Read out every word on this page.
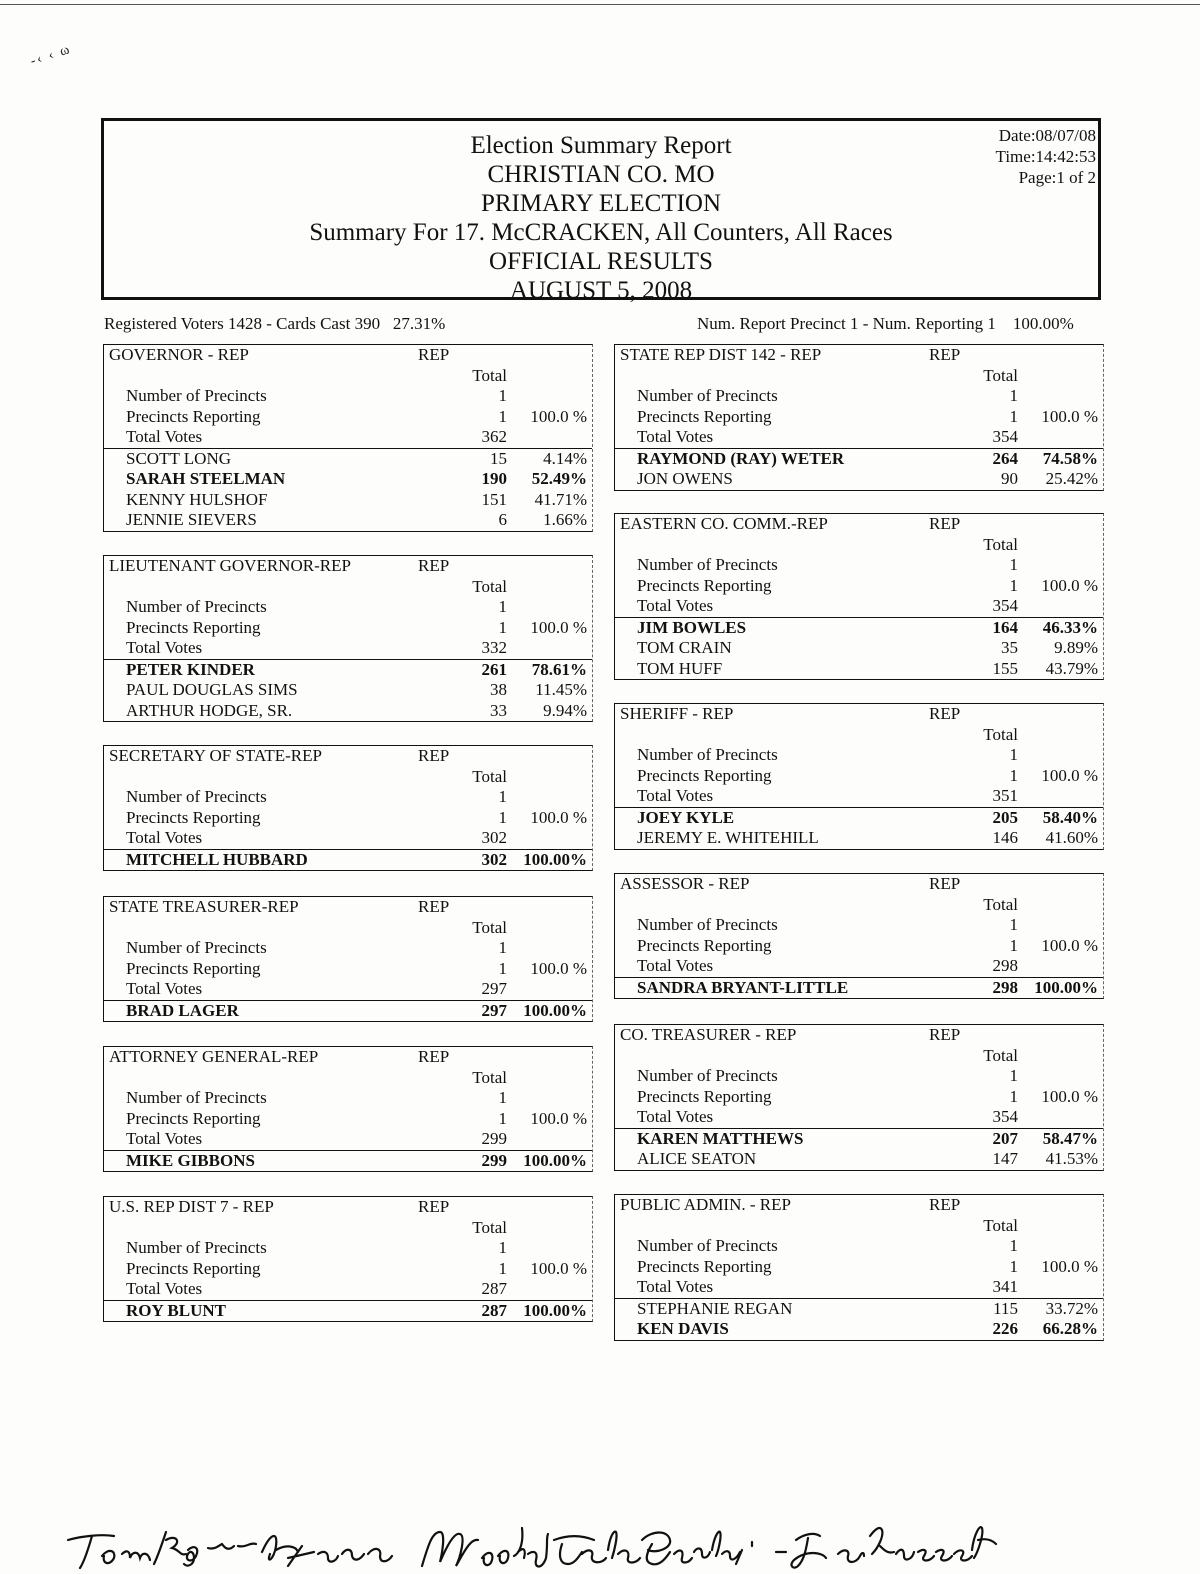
-‹ ‹ ω
Election Summary Report
CHRISTIAN CO. MO
PRIMARY ELECTION
Summary For 17. McCRACKEN, All Counters, All Races
OFFICIAL RESULTS
AUGUST 5, 2008
Date:08/07/08
Time:14:42:53
Page:1 of 2
Registered Voters 1428 - Cards Cast 390   27.31%	Num. Report Precinct 1 - Num. Reporting 1    100.00%
GOVERNOR - REP	REP
Total
Number of Precincts	1
Precincts Reporting	1 100.0 %
Total Votes	362
SCOTT LONG	15 4.14%
SARAH STEELMAN	190 52.49%
KENNY HULSHOF	151 41.71%
JENNIE SIEVERS	6 1.66%
LIEUTENANT GOVERNOR-REP	REP
Total
Number of Precincts	1
Precincts Reporting	1 100.0 %
Total Votes	332
PETER KINDER	261 78.61%
PAUL DOUGLAS SIMS	38 11.45%
ARTHUR HODGE, SR.	33 9.94%
SECRETARY OF STATE-REP	REP
Total
Number of Precincts	1
Precincts Reporting	1 100.0 %
Total Votes	302
MITCHELL HUBBARD	302 100.00%
STATE TREASURER-REP	REP
Total
Number of Precincts	1
Precincts Reporting	1 100.0 %
Total Votes	297
BRAD LAGER	297 100.00%
ATTORNEY GENERAL-REP	REP
Total
Number of Precincts	1
Precincts Reporting	1 100.0 %
Total Votes	299
MIKE GIBBONS	299 100.00%
U.S. REP DIST 7 - REP	REP
Total
Number of Precincts	1
Precincts Reporting	1 100.0 %
Total Votes	287
ROY BLUNT	287 100.00%
STATE REP DIST 142 - REP	REP
Total
Number of Precincts	1
Precincts Reporting	1 100.0 %
Total Votes	354
RAYMOND (RAY) WETER	264 74.58%
JON OWENS	90 25.42%
EASTERN CO. COMM.-REP	REP
Total
Number of Precincts	1
Precincts Reporting	1 100.0 %
Total Votes	354
JIM BOWLES	164 46.33%
TOM CRAIN	35 9.89%
TOM HUFF	155 43.79%
SHERIFF - REP	REP
Total
Number of Precincts	1
Precincts Reporting	1 100.0 %
Total Votes	351
JOEY KYLE	205 58.40%
JEREMY E. WHITEHILL	146 41.60%
ASSESSOR - REP	REP
Total
Number of Precincts	1
Precincts Reporting	1 100.0 %
Total Votes	298
SANDRA BRYANT-LITTLE	298 100.00%
CO. TREASURER - REP	REP
Total
Number of Precincts	1
Precincts Reporting	1 100.0 %
Total Votes	354
KAREN MATTHEWS	207 58.47%
ALICE SEATON	147 41.53%
PUBLIC ADMIN. - REP	REP
Total
Number of Precincts	1
Precincts Reporting	1 100.0 %
Total Votes	341
STEPHANIE REGAN	115 33.72%
KEN DAVIS	226 66.28%
Tom Rogers Karen Moody Carla Eslinger Lisa Russell
